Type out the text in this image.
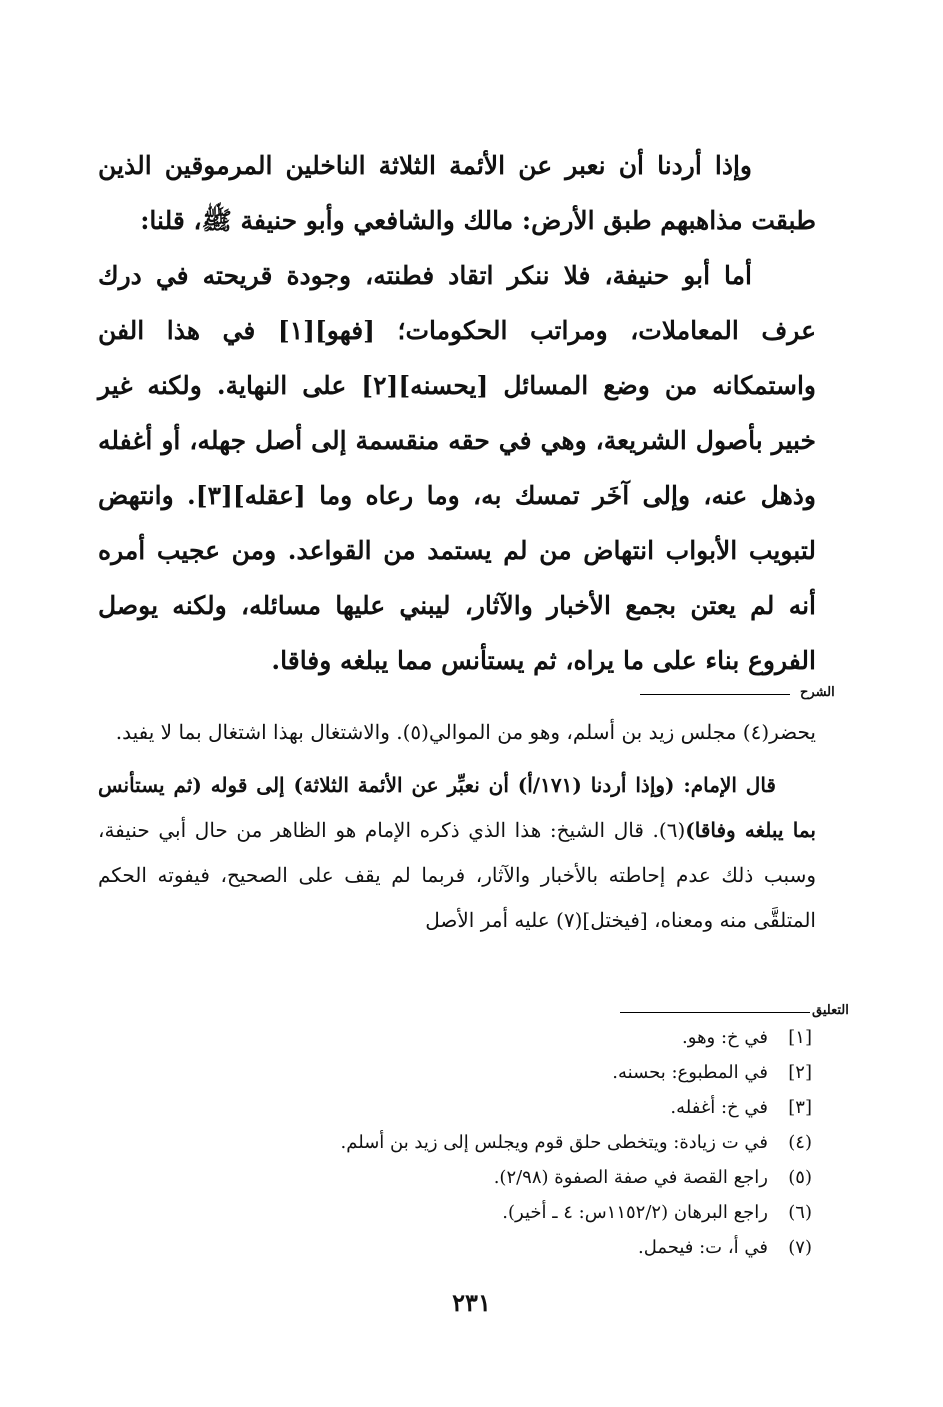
وإذا أردنا أن نعبر عن الأئمة الثلاثة الناخلين المرموقين الذين طبقت مذاهبهم طبق الأرض: مالك والشافعي وأبو حنيفة ﷺ، قلنا:

أما أبو حنيفة، فلا ننكر اتقاد فطنته، وجودة قريحته في درك عرف المعاملات، ومراتب الحكومات؛ [فهو][١] في هذا الفن واستمكانه من وضع المسائل [يحسنه][٢] على النهاية. ولكنه غير خبير بأصول الشريعة، وهي في حقه منقسمة إلى أصل جهله، أو أغفله وذهل عنه، وإلى آخَر تمسك به، وما رعاه وما [عقله][٣]. وانتهض لتبويب الأبواب انتهاض من لم يستمد من القواعد. ومن عجيب أمره أنه لم يعتن بجمع الأخبار والآثار، ليبني عليها مسائله، ولكنه يوصل الفروع بناء على ما يراه، ثم يستأنس مما يبلغه وفاقا.

الشرح

يحضر(٤) مجلس زيد بن أسلم، وهو من الموالي(٥). والاشتغال بهذا اشتغال بما لا يفيد.

قال الإمام: (وإذا أردنا (١٧١/أ) أن نعبِّر عن الأئمة الثلاثة) إلى قوله (ثم يستأنس بما يبلغه وفاقا)(٦). قال الشيخ: هذا الذي ذكره الإمام هو الظاهر من حال أبي حنيفة، وسبب ذلك عدم إحاطته بالأخبار والآثار، فربما لم يقف على الصحيح، فيفوته الحكم المتلقَّى منه ومعناه، [فيختل](٧) عليه أمر الأصل

التعليق
[١]
في خ: وهو.
[٢]
في المطبوع: بحسنه.
[٣]
في خ: أغفله.
(٤)
في ت زيادة: ويتخطى حلق قوم ويجلس إلى زيد بن أسلم.
(٥)
راجع القصة في صفة الصفوة (٢/٩٨).
(٦)
راجع البرهان (١١٥٢/٢س: ٤ ـ أخير).
(٧)
في أ، ت: فيحمل.
٢٣١
